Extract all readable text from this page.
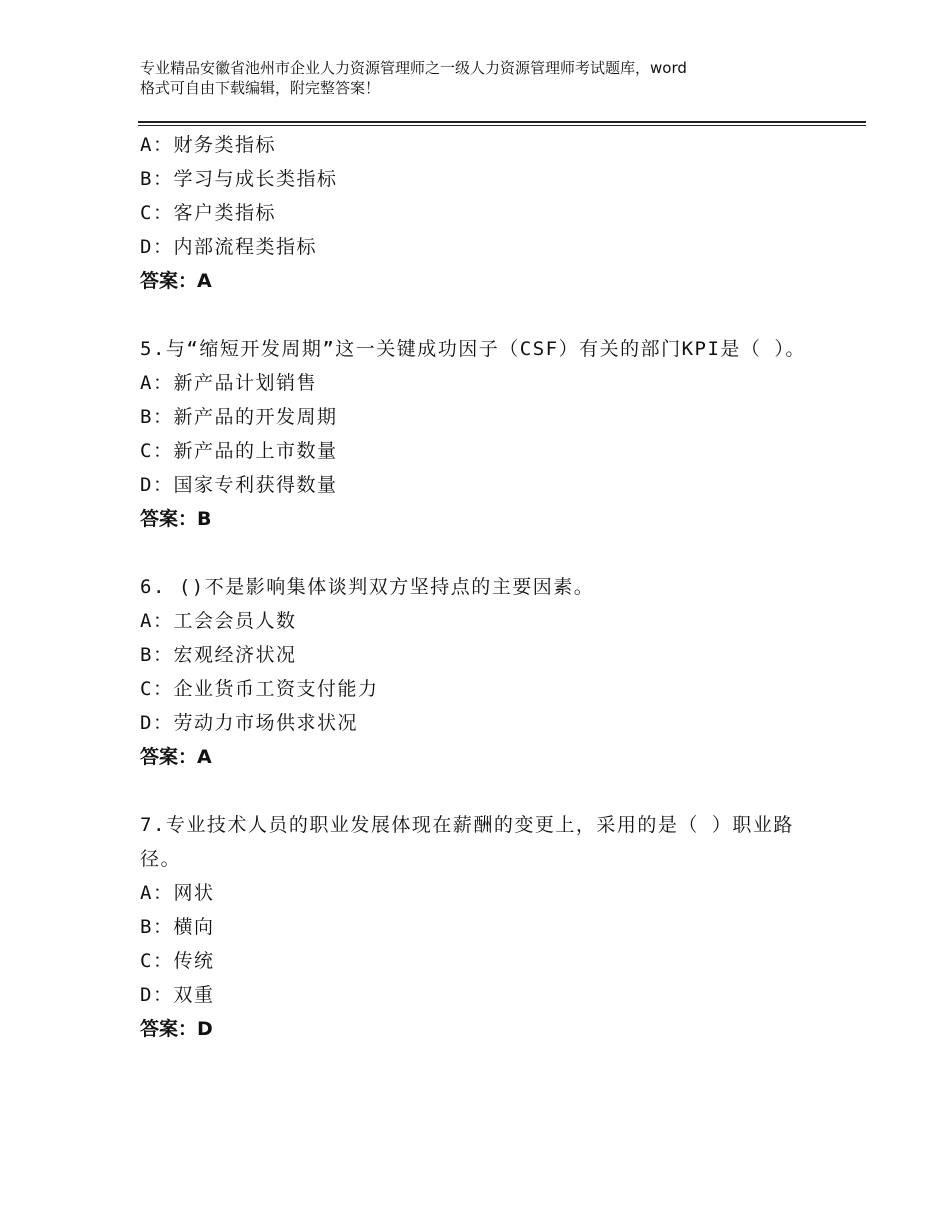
专业精品安徽省池州市企业人力资源管理师之一级人力资源管理师考试题库，word
格式可自由下载编辑，附完整答案！
A：财务类指标
B：学习与成长类指标
C：客户类指标
D：内部流程类指标
答案：A
5.与“缩短开发周期”这一关键成功因子（CSF）有关的部门KPI是（ ）。
A：新产品计划销售
B：新产品的开发周期
C：新产品的上市数量
D：国家专利获得数量
答案：B
6. ()不是影响集体谈判双方坚持点的主要因素。
A：工会会员人数
B：宏观经济状况
C：企业货币工资支付能力
D：劳动力市场供求状况
答案：A
7.专业技术人员的职业发展体现在薪酬的变更上，采用的是（ ）职业路径。
A：网状
B：横向
C：传统
D：双重
答案：D
